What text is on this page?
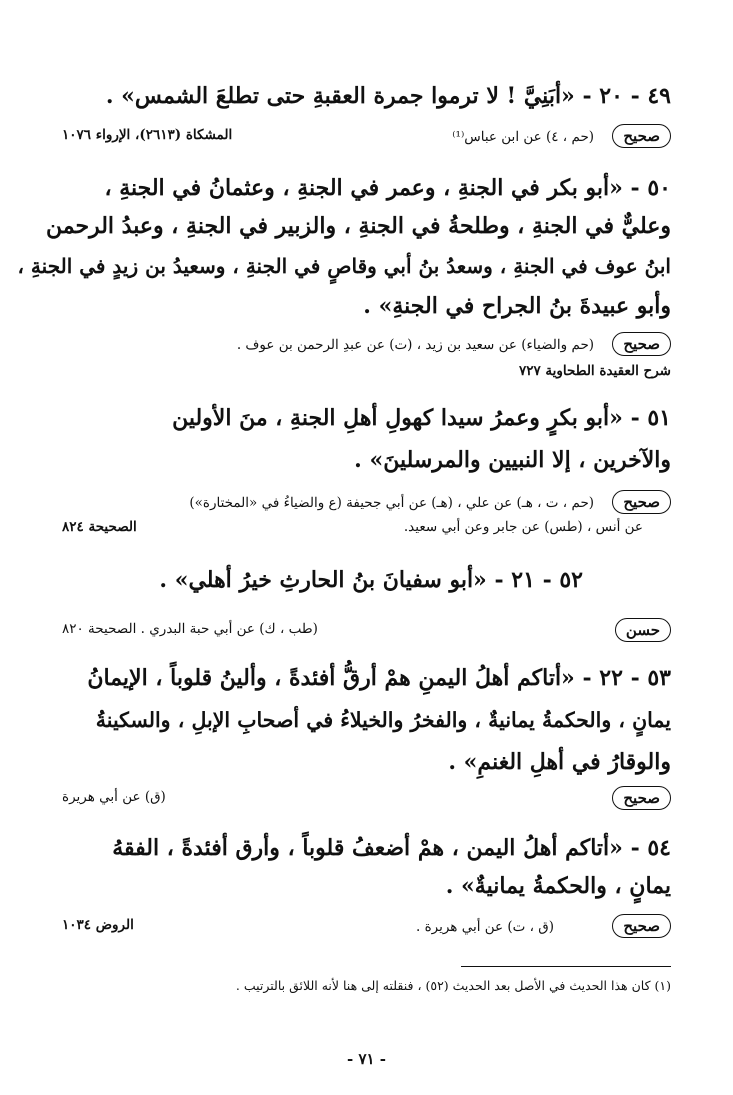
٤٩ - ٢٠ - «أبَنِيَّ ! لا ترموا جمرة العقبةِ حتى تطلعَ الشمس» .
صحيح (حم ، ٤) عن ابن عباس⁽¹⁾
المشكاة (٢٦١٣)، الإرواء ١٠٧٦
٥٠ - «أبو بكر في الجنةِ ، وعمر في الجنةِ ، وعثمانُ في الجنةِ ،
وعليٌّ في الجنةِ ، وطلحةُ في الجنةِ ، والزبير في الجنةِ ، وعبدُ الرحمن
ابنُ عوف في الجنةِ ، وسعدُ بنُ أبي وقاصٍ في الجنةِ ، وسعيدُ بن زيدٍ في الجنةِ ،
وأبو عبيدةَ بنُ الجراح في الجنةِ» .
صحيح (حم والضياء) عن سعيد بن زيد ، (ت) عن عبدِ الرحمن بن عوف .
شرح العقيدة الطحاوية ٧٢٧
٥١ - «أبو بكرٍ وعمرُ سيدا كهولِ أهلِ الجنةِ ، منَ الأولين
والآخرين ، إلا النبيين والمرسلينَ» .
صحيح (حم ، ت ، هـ) عن علي ، (هـ) عن أبي جحيفة (ع والضياءُ في «المختارة»)
عن أنس ، (طس) عن جابر وعن أبي سعيد.
الصحيحة ٨٢٤
٥٢ - ٢١ - «أبو سفيانَ بنُ الحارثِ خيرُ أهلي» .
حسن
(طب ، ك) عن أبي حبة البدري . الصحيحة ٨٢٠
٥٣ - ٢٢ - «أتاكم أهلُ اليمنِ همْ أرقُّ أفئدةً ، وألينُ قلوباً ، الإيمانُ
يمانٍ ، والحكمةُ يمانيةٌ ، والفخرُ والخيلاءُ في أصحابِ الإبلِ ، والسكينةُ
والوقارُ في أهلِ الغنمِ» .
صحيح
(ق) عن أبي هريرة
٥٤ - «أتاكم أهلُ اليمن ، همْ أضعفُ قلوباً ، وأرق أفئدةً ، الفقهُ
يمانٍ ، والحكمةُ يمانيةٌ» .
صحيح (ق ، ت) عن أبي هريرة .
الروض ١٠٣٤
(١) كان هذا الحديث في الأصل بعد الحديث (٥٢) ، فنقلته إلى هنا لأنه اللائق بالترتيب .
- ٧١ -
